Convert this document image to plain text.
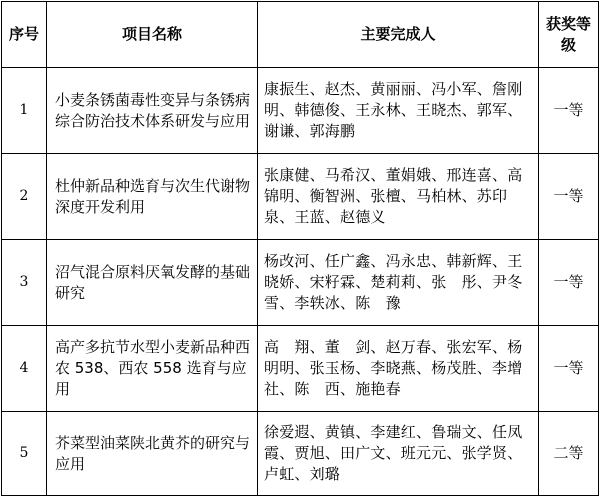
序号	项目名称	主要完成人	获奖等级
1	小麦条锈菌毒性变异与条锈病综合防治技术体系研发与应用	康振生、赵杰、黄丽丽、冯小军、詹刚明、韩德俊、王永林、王晓杰、郭军、谢谦、郭海鹏	一等
2	杜仲新品种选育与次生代谢物深度开发利用	张康健、马希汉、董娟娥、邢连喜、高锦明、衡智洲、张檀、马柏林、苏印泉、王蓝、赵德义	一等
3	沼气混合原料厌氧发酵的基础研究	杨改河、任广鑫、冯永忠、韩新辉、王晓娇、宋籽霖、楚莉莉、张　彤、尹冬雪、李轶冰、陈　豫	一等
4	高产多抗节水型小麦新品种西农 538、西农 558 选育与应用	高　翔、董　剑、赵万春、张宏军、杨明明、张玉杨、李晓燕、杨茂胜、李增社、陈　西、施艳春	一等
5	芥菜型油菜陕北黄芥的研究与应用	徐爱遐、黄镇、李建红、鲁瑞文、任凤霞、贾旭、田广文、班元元、张学贤、卢虹、刘璐	二等
